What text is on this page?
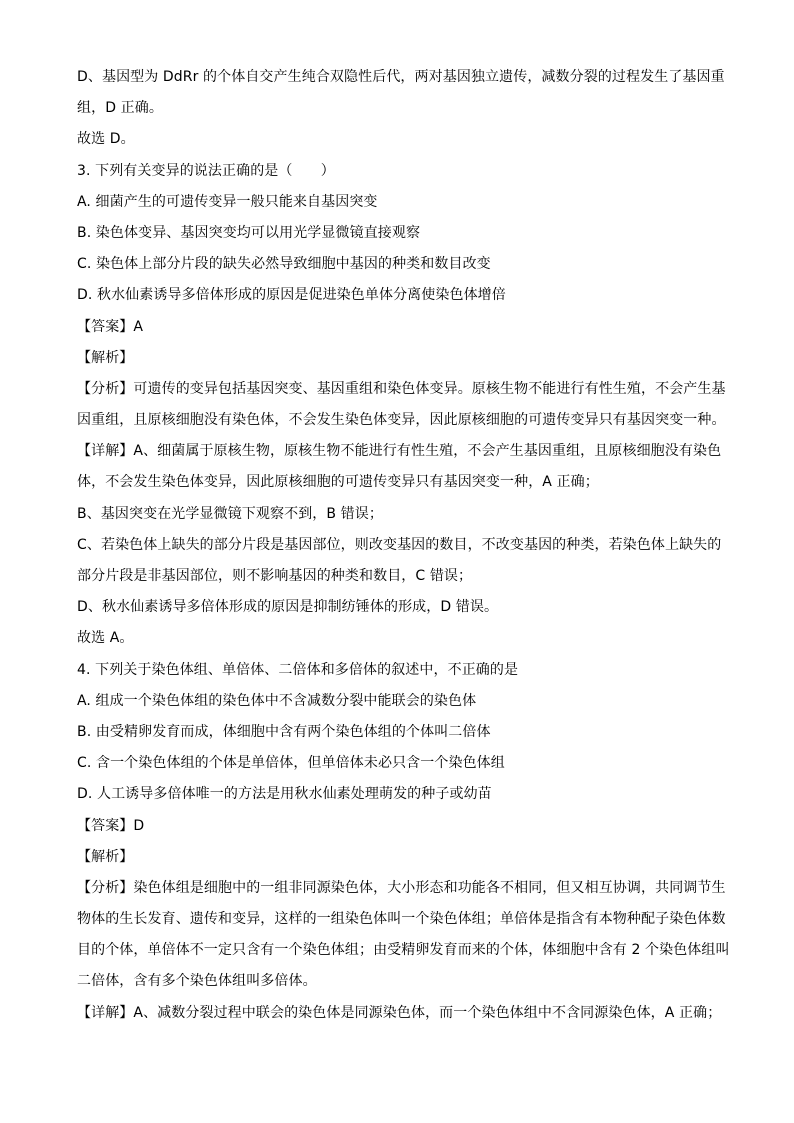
D、基因型为 DdRr 的个体自交产生纯合双隐性后代，两对基因独立遗传，减数分裂的过程发生了基因重
组，D 正确。
故选 D。
3. 下列有关变异的说法正确的是（　　）
A. 细菌产生的可遗传变异一般只能来自基因突变
B. 染色体变异、基因突变均可以用光学显微镜直接观察
C. 染色体上部分片段的缺失必然导致细胞中基因的种类和数目改变
D. 秋水仙素诱导多倍体形成的原因是促进染色单体分离使染色体增倍
【答案】A
【解析】
【分析】可遗传的变异包括基因突变、基因重组和染色体变异。原核生物不能进行有性生殖，不会产生基
因重组，且原核细胞没有染色体，不会发生染色体变异，因此原核细胞的可遗传变异只有基因突变一种。
【详解】A、细菌属于原核生物，原核生物不能进行有性生殖，不会产生基因重组，且原核细胞没有染色
体，不会发生染色体变异，因此原核细胞的可遗传变异只有基因突变一种，A 正确；
B、基因突变在光学显微镜下观察不到，B 错误；
C、若染色体上缺失的部分片段是基因部位，则改变基因的数目，不改变基因的种类，若染色体上缺失的
部分片段是非基因部位，则不影响基因的种类和数目，C 错误；
D、秋水仙素诱导多倍体形成的原因是抑制纺锤体的形成，D 错误。
故选 A。
4. 下列关于染色体组、单倍体、二倍体和多倍体的叙述中，不正确的是
A. 组成一个染色体组的染色体中不含减数分裂中能联会的染色体
B. 由受精卵发育而成，体细胞中含有两个染色体组的个体叫二倍体
C. 含一个染色体组的个体是单倍体，但单倍体未必只含一个染色体组
D. 人工诱导多倍体唯一的方法是用秋水仙素处理萌发的种子或幼苗
【答案】D
【解析】
【分析】染色体组是细胞中的一组非同源染色体，大小形态和功能各不相同，但又相互协调，共同调节生
物体的生长发育、遗传和变异，这样的一组染色体叫一个染色体组；单倍体是指含有本物种配子染色体数
目的个体，单倍体不一定只含有一个染色体组；由受精卵发育而来的个体，体细胞中含有 2 个染色体组叫
二倍体，含有多个染色体组叫多倍体。
【详解】A、减数分裂过程中联会的染色体是同源染色体，而一个染色体组中不含同源染色体，A 正确；
